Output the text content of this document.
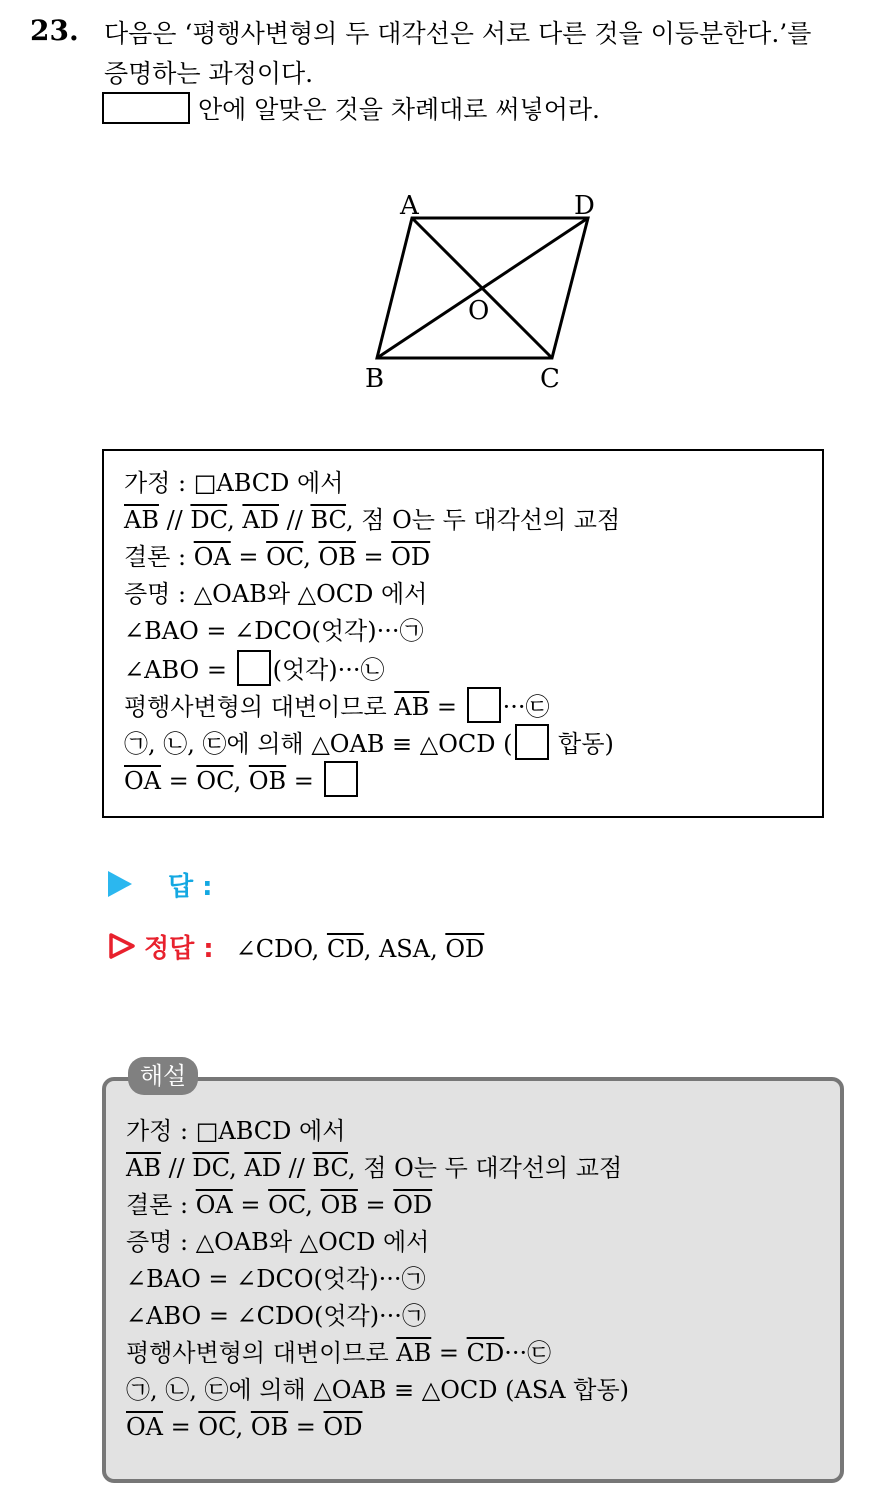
23. 다음은 ‘평행사변형의 두 대각선은 서로 다른 것을 이등분한다.’를
증명하는 과정이다.
안에 알맞은 것을 차례대로 써넣어라.
A	D
O
B	C
가정 : □ABCD 에서
$\overline{AB} // \overline{DC}$, $\overline{AD} // \overline{BC}$, 점 O는 두 대각선의 교점
결론 : $\overline{OA} = \overline{OC}$, $\overline{OB} = \overline{OD}$
증명 : △OAB와 △OCD 에서
∠BAO = ∠DCO(엇각)···㉠
∠ABO = (엇각)···㉡
평행사변형의 대변이므로 $\overline{AB}$ = ···㉢
㉠, ㉡, ㉢에 의해 △OAB ≡ △OCD ( 합동)
$\overline{OA} = \overline{OC}$, $\overline{OB}$ =
답 :
정답 : ∠CDO, $\overline{CD}$, ASA, $\overline{OD}$
가정 : □ABCD 에서
$\overline{AB} // \overline{DC}$, $\overline{AD} // \overline{BC}$, 점 O는 두 대각선의 교점
결론 : $\overline{OA} = \overline{OC}$, $\overline{OB} = \overline{OD}$
증명 : △OAB와 △OCD 에서
∠BAO = ∠DCO(엇각)···㉠
∠ABO = ∠CDO(엇각)···㉠
평행사변형의 대변이므로 $\overline{AB}$ = $\overline{CD}\cdot\cdot\cdot㉢$
㉠, ㉡, ㉢에 의해 △OAB ≡ △OCD (ASA 합동)
$\overline{OA} = \overline{OC}$, $\overline{OB} = \overline{OD}$
해설
